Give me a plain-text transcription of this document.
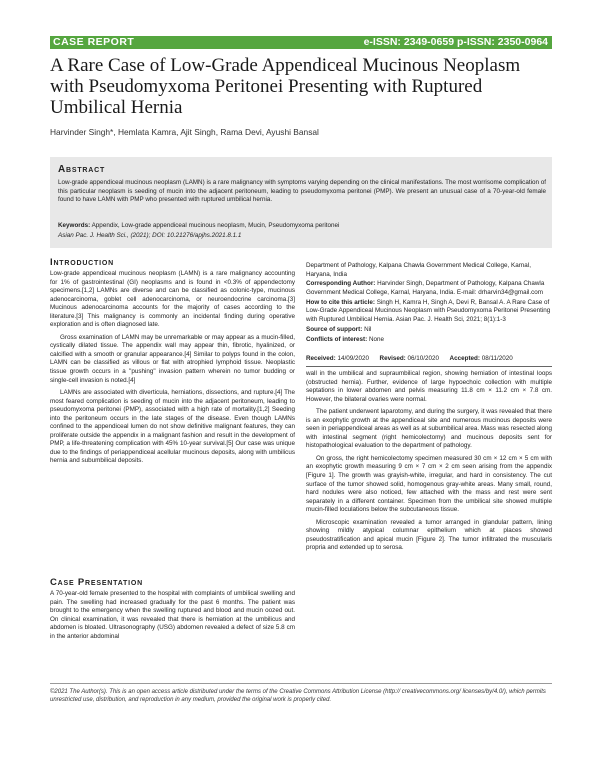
CASE REPORT	e-ISSN: 2349-0659 p-ISSN: 2350-0964
A Rare Case of Low-Grade Appendiceal Mucinous Neoplasm with Pseudomyxoma Peritonei Presenting with Ruptured Umbilical Hernia
Harvinder Singh*, Hemlata Kamra, Ajit Singh, Rama Devi, Ayushi Bansal
Abstract
Low-grade appendiceal mucinous neoplasm (LAMN) is a rare malignancy with symptoms varying depending on the clinical manifestations. The most worrisome complication of this particular neoplasm is seeding of mucin into the adjacent peritoneum, leading to pseudomyxoma peritonei (PMP). We present an unusual case of a 70-year-old female found to have LAMN with PMP who presented with ruptured umbilical hernia.
Keywords: Appendix, Low-grade appendiceal mucinous neoplasm, Mucin, Pseudomyxoma peritonei
Asian Pac. J. Health Sci., (2021); DOI: 10.21276/apjhs.2021.8.1.1
Introduction

Low-grade appendiceal mucinous neoplasm (LAMN) is a rare malignancy accounting for 1% of gastrointestinal (GI) neoplasms and is found in <0.3% of appendectomy specimens.[1,2] LAMNs are diverse and can be classified as colonic-type, mucinous adenocarcinoma, goblet cell adenocarcinoma, or neuroendocrine carcinoma.[3] Mucinous adenocarcinoma accounts for the majority of cases according to the literature.[3] This malignancy is commonly an incidental finding during operative exploration and is often diagnosed late.

Gross examination of LAMN may be unremarkable or may appear as a mucin-filled, cystically dilated tissue. The appendix wall may appear thin, fibrotic, hyalinized, or calcified with a smooth or granular appearance.[4] Similar to polyps found in the colon, LAMN can be classified as villous or flat with atrophied lymphoid tissue. Neoplastic tissue growth occurs in a "pushing" invasion pattern wherein no tumor budding or single-cell invasion is noted.[4]

LAMNs are associated with diverticula, herniations, dissections, and rupture.[4] The most feared complication is seeding of mucin into the adjacent peritoneum, leading to pseudomyxoma peritonei (PMP), associated with a high rate of mortality.[1,2] Seeding into the peritoneum occurs in the late stages of the disease. Even though LAMNs confined to the appendiceal lumen do not show definitive malignant features, they can proliferate outside the appendix in a malignant fashion and result in the development of PMP, a life-threatening complication with 45% 10-year survival.[5] Our case was unique due to the findings of periappendiceal acellular mucinous deposits, along with umbilicus hernia and subumbilical deposits.

Case Presentation

A 70-year-old female presented to the hospital with complaints of umbilical swelling and pain. The swelling had increased gradually for the past 6 months. The patient was brought to the emergency when the swelling ruptured and blood and mucin oozed out. On clinical examination, it was revealed that there is herniation at the umbilicus and abdomen is bloated. Ultrasonography (USG) abdomen revealed a defect of size 5.8 cm in the anterior abdominal

Department of Pathology, Kalpana Chawla Government Medical College, Karnal, Haryana, India

Corresponding Author: Harvinder Singh, Department of Pathology, Kalpana Chawla Government Medical College, Karnal, Haryana, India. E-mail: drharvin34@gmail.com

How to cite this article: Singh H, Kamra H, Singh A, Devi R, Bansal A. A Rare Case of Low-Grade Appendiceal Mucinous Neoplasm with Pseudomyxoma Peritonei Presenting with Ruptured Umbilical Hernia. Asian Pac. J. Health Sci, 2021; 8(1):1-3

Source of support: Nil

Conflicts of interest: None

Received: 14/09/2020 Revised: 06/10/2020 Accepted: 08/11/2020

wall in the umbilical and supraumbilical region, showing herniation of intestinal loops (obstructed hernia). Further, evidence of large hypoechoic collection with multiple septations in lower abdomen and pelvis measuring 11.8 cm × 11.2 cm × 7.8 cm. However, the bilateral ovaries were normal.

The patient underwent laparotomy, and during the surgery, it was revealed that there is an exophytic growth at the appendiceal site and numerous mucinous deposits were seen in periappendiceal areas as well as at subumbilical area. Mass was resected along with intestinal segment (right hemicolectomy) and mucinous deposits sent for histopathological evaluation to the department of pathology.

On gross, the right hemicolectomy specimen measured 30 cm × 12 cm × 5 cm with an exophytic growth measuring 9 cm × 7 cm × 2 cm seen arising from the appendix [Figure 1]. The growth was grayish-white, irregular, and hard in consistency. The cut surface of the tumor showed solid, homogenous gray-white areas. Many small, round, hard nodules were also noticed, few attached with the mass and rest were sent separately in a different container. Specimen from the umbilical site showed multiple mucin-filled loculations below the subcutaneous tissue.

Microscopic examination revealed a tumor arranged in glandular pattern, lining showing mildly atypical columnar epithelium which at places showed pseudostratification and apical mucin [Figure 2]. The tumor infiltrated the muscularis propria and extended up to serosa.

©2021 The Author(s). This is an open access article distributed under the terms of the Creative Commons Attribution License (http:// creativecommons.org/ licenses/by/4.0/), which permits unrestricted use, distribution, and reproduction in any medium, provided the original work is properly cited.
